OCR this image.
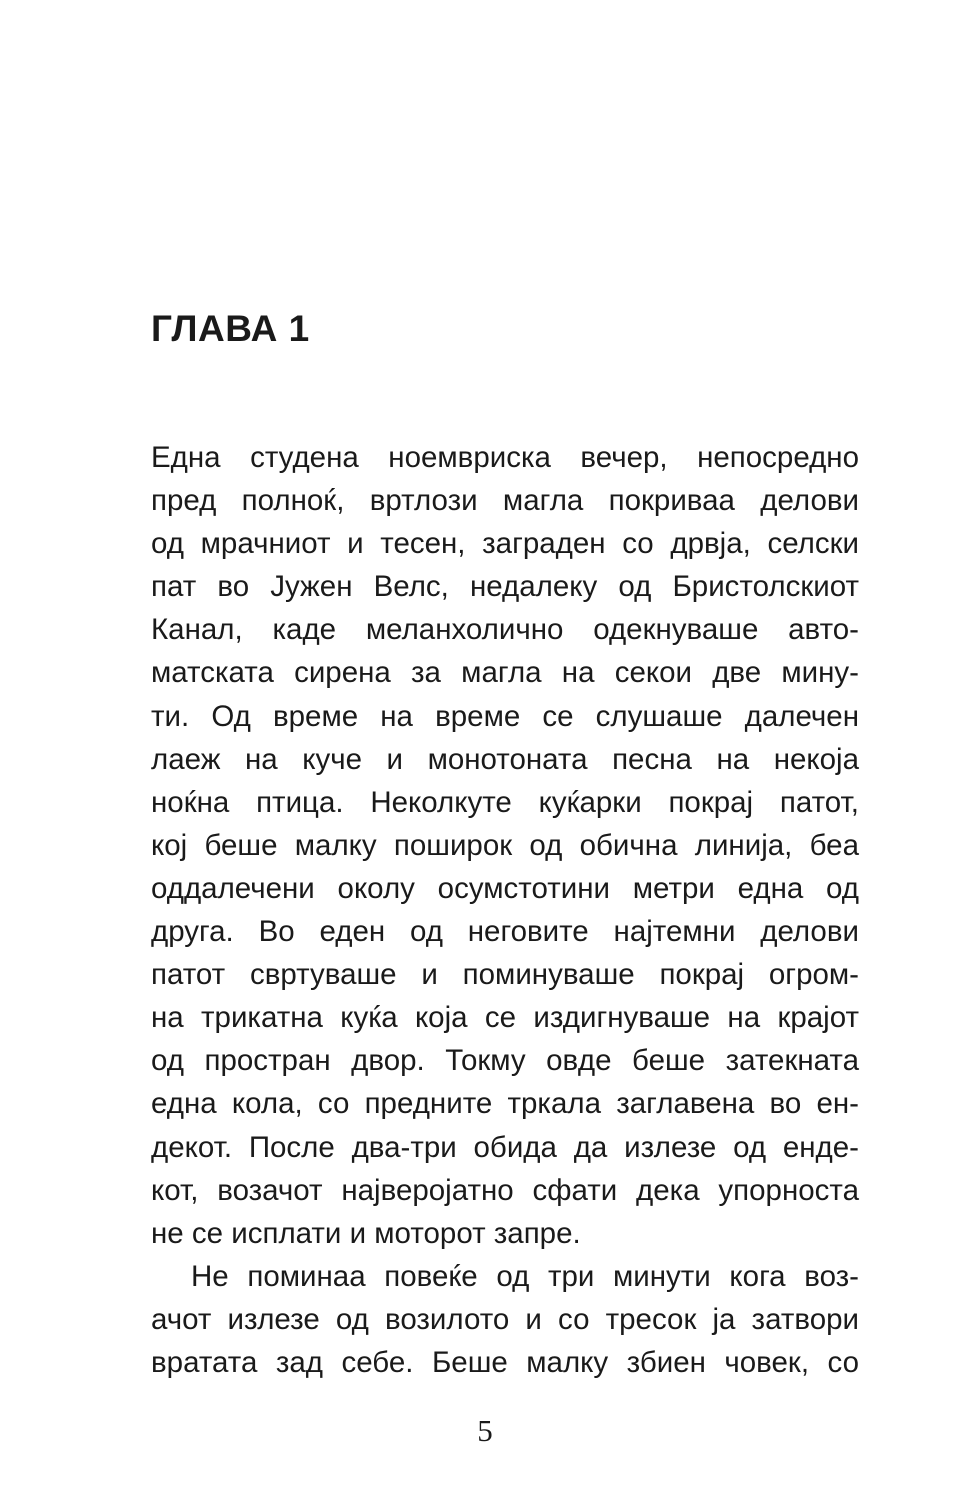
ГЛАВА 1
Една студена ноемвриска вечер, непосредно
пред полноќ, вртлози магла покриваа делови
од мрачниот и тесен, заграден со дрвја, селски
пат во Јужен Велс, недалеку од Бристолскиот
Канал, каде меланхолично одекнуваше авто-
матската сирена за магла на секои две мину-
ти. Од време на време се слушаше далечен
лаеж на куче и монотоната песна на некоја
ноќна птица. Неколкуте куќарки покрај патот,
кој беше малку поширок од обична линија, беа
оддалечени околу осумстотини метри една од
друга. Во еден од неговите најтемни делови
патот свртуваше и поминуваше покрај огром-
на трикатна куќа која се издигнуваше на крајот
од простран двор. Токму овде беше затекната
една кола, со предните тркала заглавена во ен-
декот. После два-три обида да излезе од енде-
кот, возачот најверојатно сфати дека упорноста
не се исплати и моторот запре.
Не поминаа повеќе од три минути кога воз-
ачот излезе од возилото и со тресок ја затвори
вратата зад себе. Беше малку збиен човек, со
5
